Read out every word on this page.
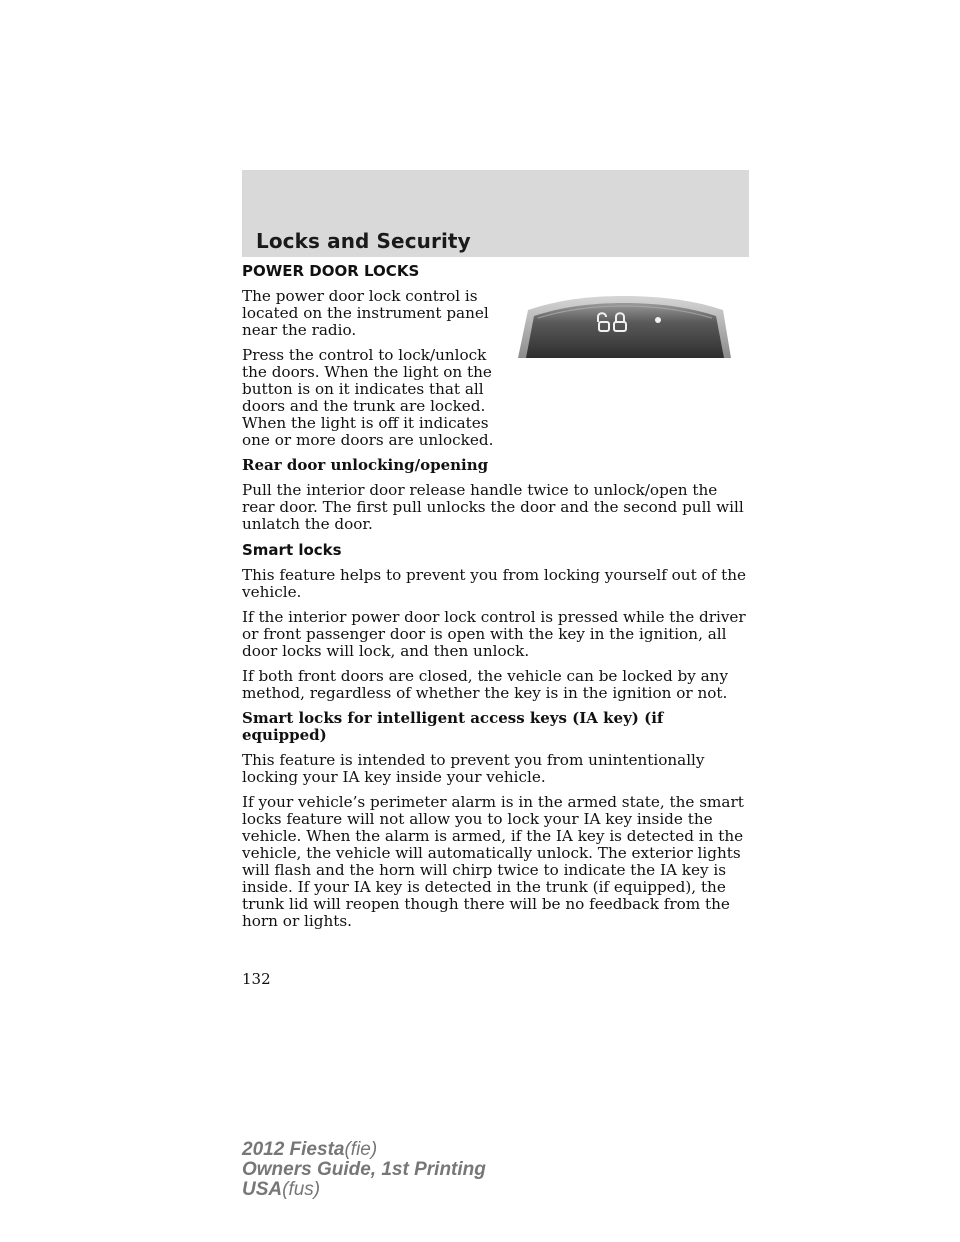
Locks and Security
POWER DOOR LOCKS

The power door lock control is located on the instrument panel near the radio.

Press the control to lock/unlock the doors. When the light on the button is on it indicates that all doors and the trunk are locked. When the light is off it indicates one or more doors are unlocked.

Rear door unlocking/opening

Pull the interior door release handle twice to unlock/open the rear door. The first pull unlocks the door and the second pull will unlatch the door.

Smart locks

This feature helps to prevent you from locking yourself out of the vehicle.

If the interior power door lock control is pressed while the driver or front passenger door is open with the key in the ignition, all door locks will lock, and then unlock.

If both front doors are closed, the vehicle can be locked by any method, regardless of whether the key is in the ignition or not.

Smart locks for intelligent access keys (IA key) (if equipped)

This feature is intended to prevent you from unintentionally locking your IA key inside your vehicle.

If your vehicle’s perimeter alarm is in the armed state, the smart locks feature will not allow you to lock your IA key inside the vehicle. When the alarm is armed, if the IA key is detected in the vehicle, the vehicle will automatically unlock. The exterior lights will flash and the horn will chirp twice to indicate the IA key is inside. If your IA key is detected in the trunk (if equipped), the trunk lid will reopen though there will be no feedback from the horn or lights.

132
2012 Fiesta(fie)
Owners Guide, 1st Printing
USA(fus)
